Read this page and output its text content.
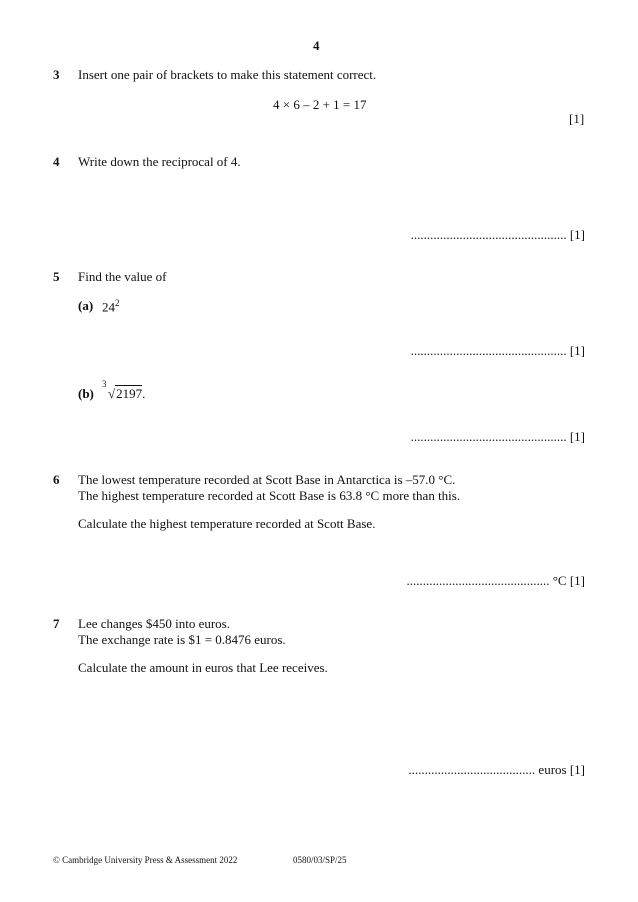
4
3 Insert one pair of brackets to make this statement correct.
4 × 6 – 2 + 1 = 17
[1]
4 Write down the reciprocal of 4.
................................................ [1]
5 Find the value of
(a) $24^2$
................................................ [1]
(b)
3
√2197.
................................................ [1]
6 The lowest temperature recorded at Scott Base in Antarctica is –57.0 °C.
The highest temperature recorded at Scott Base is 63.8 °C more than this.
Calculate the highest temperature recorded at Scott Base.
............................................ °C [1]
7 Lee changes $450 into euros.
The exchange rate is $1 = 0.8476 euros.
Calculate the amount in euros that Lee receives.
....................................... euros [1]
© Cambridge University Press & Assessment 2022	0580/03/SP/25
